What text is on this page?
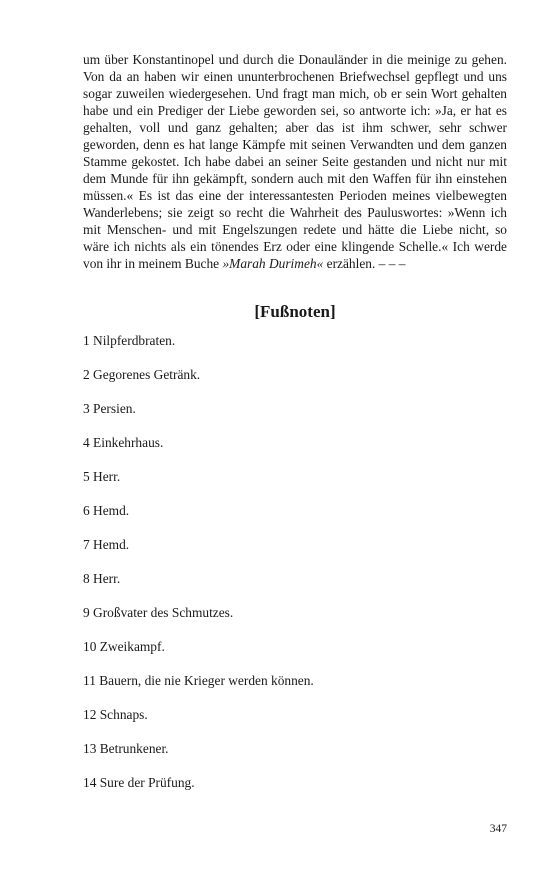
um über Konstantinopel und durch die Donauländer in die meinige zu gehen. Von da an haben wir einen ununterbrochenen Briefwechsel gepflegt und uns sogar zuweilen wiedergesehen. Und fragt man mich, ob er sein Wort gehalten habe und ein Prediger der Liebe geworden sei, so antworte ich: »Ja, er hat es gehalten, voll und ganz gehalten; aber das ist ihm schwer, sehr schwer geworden, denn es hat lange Kämpfe mit seinen Verwandten und dem ganzen Stamme gekostet. Ich habe dabei an seiner Seite gestanden und nicht nur mit dem Munde für ihn gekämpft, sondern auch mit den Waffen für ihn einstehen müssen.« Es ist das eine der interessantesten Perioden meines vielbewegten Wanderlebens; sie zeigt so recht die Wahrheit des Pauluswortes: »Wenn ich mit Menschen- und mit Engelszungen redete und hätte die Liebe nicht, so wäre ich nichts als ein tönendes Erz oder eine klingende Schelle.« Ich werde von ihr in meinem Buche »Marah Durimeh« erzählen. – – –

[Fußnoten]
1 Nilpferdbraten.
2 Gegorenes Getränk.
3 Persien.
4 Einkehrhaus.
5 Herr.
6 Hemd.
7 Hemd.
8 Herr.
9 Großvater des Schmutzes.
10 Zweikampf.
11 Bauern, die nie Krieger werden können.
12 Schnaps.
13 Betrunkener.
14 Sure der Prüfung.
347
